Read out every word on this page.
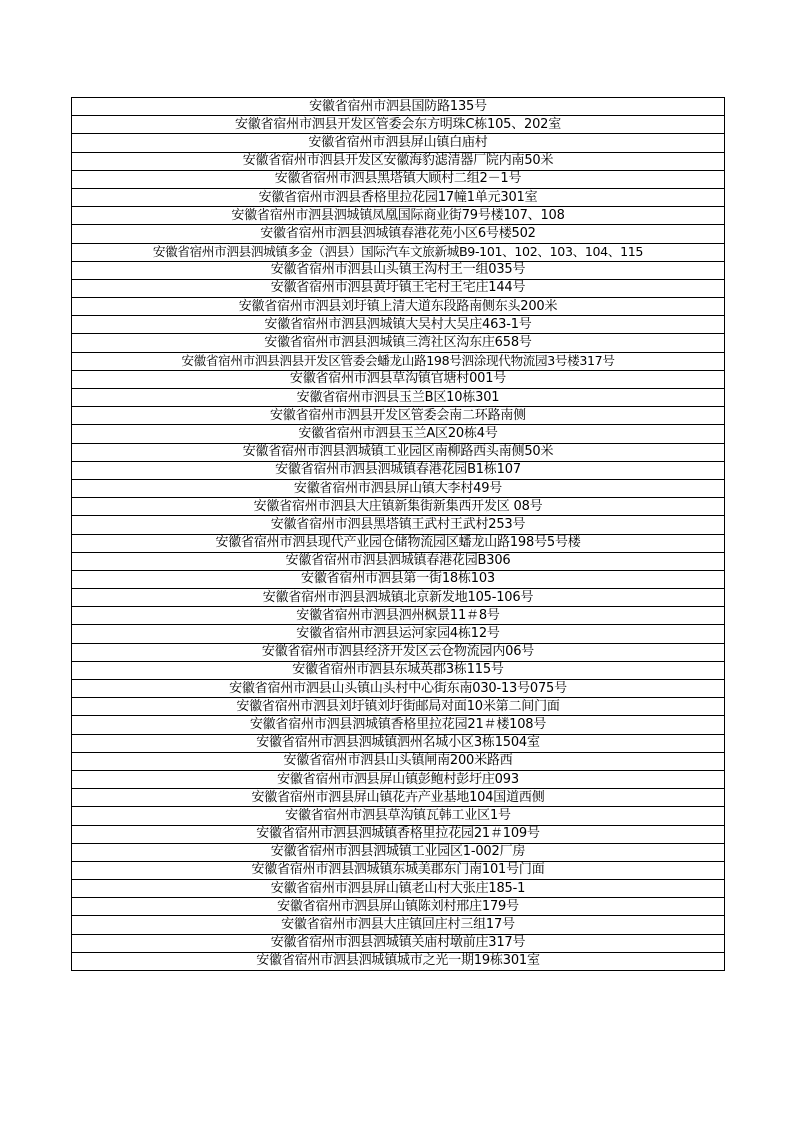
安徽省宿州市泗县国防路135号
安徽省宿州市泗县开发区管委会东方明珠C栋105、202室
安徽省宿州市泗县屏山镇白庙村
安徽省宿州市泗县开发区安徽海豹滤清器厂院内南50米
安徽省宿州市泗县黑塔镇大顾村二组2－1号
安徽省宿州市泗县香格里拉花园17幢1单元301室
安徽省宿州市泗县泗城镇凤凰国际商业街79号楼107、108
安徽省宿州市泗县泗城镇春港花苑小区6号楼502
安徽省宿州市泗县泗城镇多金（泗县）国际汽车文旅新城B9-101、102、103、104、115
安徽省宿州市泗县山头镇王沟村王一组035号
安徽省宿州市泗县黄圩镇王宅村王宅庄144号
安徽省宿州市泗县刘圩镇上清大道东段路南侧东头200米
安徽省宿州市泗县泗城镇大吴村大吴庄463-1号
安徽省宿州市泗县泗城镇三湾社区沟东庄658号
安徽省宿州市泗县泗县开发区管委会蟠龙山路198号泗涂现代物流园3号楼317号
安徽省宿州市泗县草沟镇官塘村001号
安徽省宿州市泗县玉兰B区10栋301
安徽省宿州市泗县开发区管委会南二环路南侧
安徽省宿州市泗县玉兰A区20栋4号
安徽省宿州市泗县泗城镇工业园区南柳路西头南侧50米
安徽省宿州市泗县泗城镇春港花园B1栋107
安徽省宿州市泗县屏山镇大李村49号
安徽省宿州市泗县大庄镇新集街新集西开发区 08号
安徽省宿州市泗县黑塔镇王武村王武村253号
安徽省宿州市泗县现代产业园仓储物流园区蟠龙山路198号5号楼
安徽省宿州市泗县泗城镇春港花园B306
安徽省宿州市泗县第一街18栋103
安徽省宿州市泗县泗城镇北京新发地105-106号
安徽省宿州市泗县泗州枫景11＃8号
安徽省宿州市泗县运河家园4栋12号
安徽省宿州市泗县经济开发区云仓物流园内06号
安徽省宿州市泗县东城英郡3栋115号
安徽省宿州市泗县山头镇山头村中心街东南030-13号075号
安徽省宿州市泗县刘圩镇刘圩街邮局对面10米第二间门面
安徽省宿州市泗县泗城镇香格里拉花园21＃楼108号
安徽省宿州市泗县泗城镇泗州名城小区3栋1504室
安徽省宿州市泗县山头镇闸南200米路西
安徽省宿州市泗县屏山镇彭鲍村彭圩庄093
安徽省宿州市泗县屏山镇花卉产业基地104国道西侧
安徽省宿州市泗县草沟镇瓦韩工业区1号
安徽省宿州市泗县泗城镇香格里拉花园21＃109号
安徽省宿州市泗县泗城镇工业园区1-002厂房
安徽省宿州市泗县泗城镇东城美郡东门南101号门面
安徽省宿州市泗县屏山镇老山村大张庄185-1
安徽省宿州市泗县屏山镇陈刘村邢庄179号
安徽省宿州市泗县大庄镇回庄村三组17号
安徽省宿州市泗县泗城镇关庙村墩前庄317号
安徽省宿州市泗县泗城镇城市之光一期19栋301室
